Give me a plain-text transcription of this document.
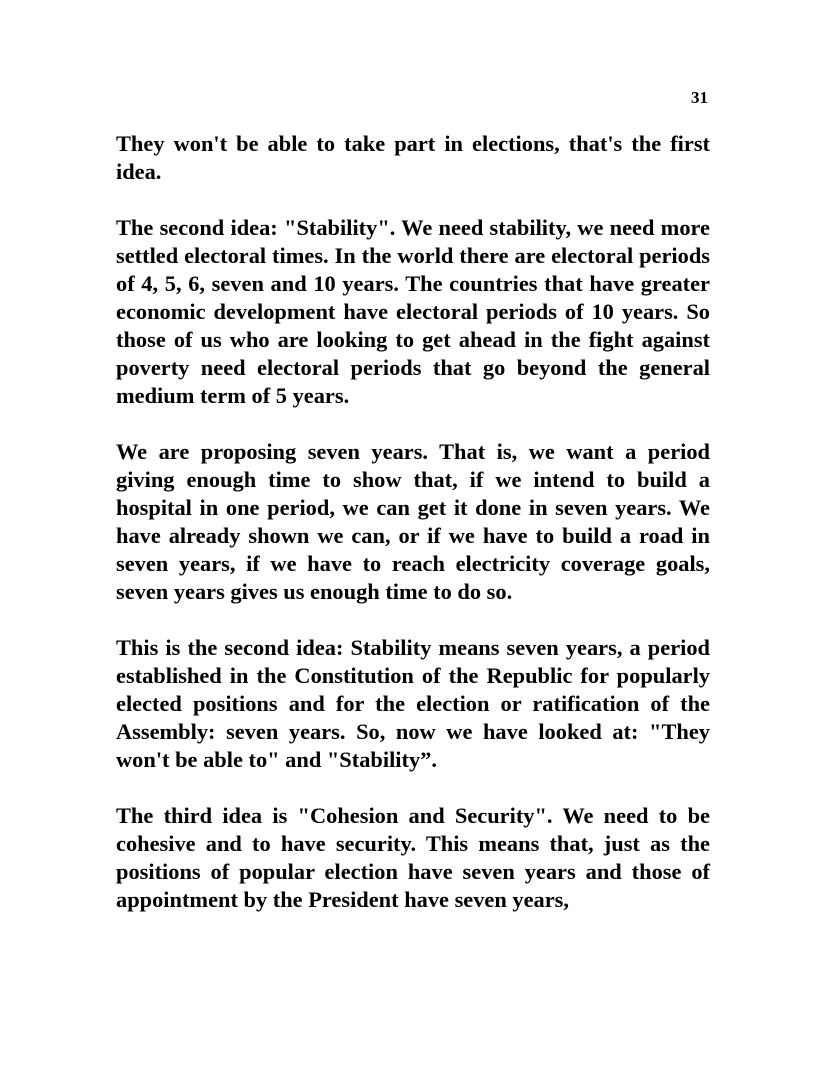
31

They won't be able to take part in elections, that's the first idea.

The second idea: "Stability". We need stability, we need more settled electoral times. In the world there are electoral periods of 4, 5, 6, seven and 10 years. The countries that have greater economic development have electoral periods of 10 years. So those of us who are looking to get ahead in the fight against poverty need electoral periods that go beyond the general medium term of 5 years.

We are proposing seven years. That is, we want a period giving enough time to show that, if we intend to build a hospital in one period, we can get it done in seven years. We have already shown we can, or if we have to build a road in seven years, if we have to reach electricity coverage goals, seven years gives us enough time to do so.

This is the second idea: Stability means seven years, a period established in the Constitution of the Republic for popularly elected positions and for the election or ratification of the Assembly: seven years. So, now we have looked at: "They won't be able to" and "Stability”.

The third idea is "Cohesion and Security". We need to be cohesive and to have security. This means that, just as the positions of popular election have seven years and those of appointment by the President have seven years,
